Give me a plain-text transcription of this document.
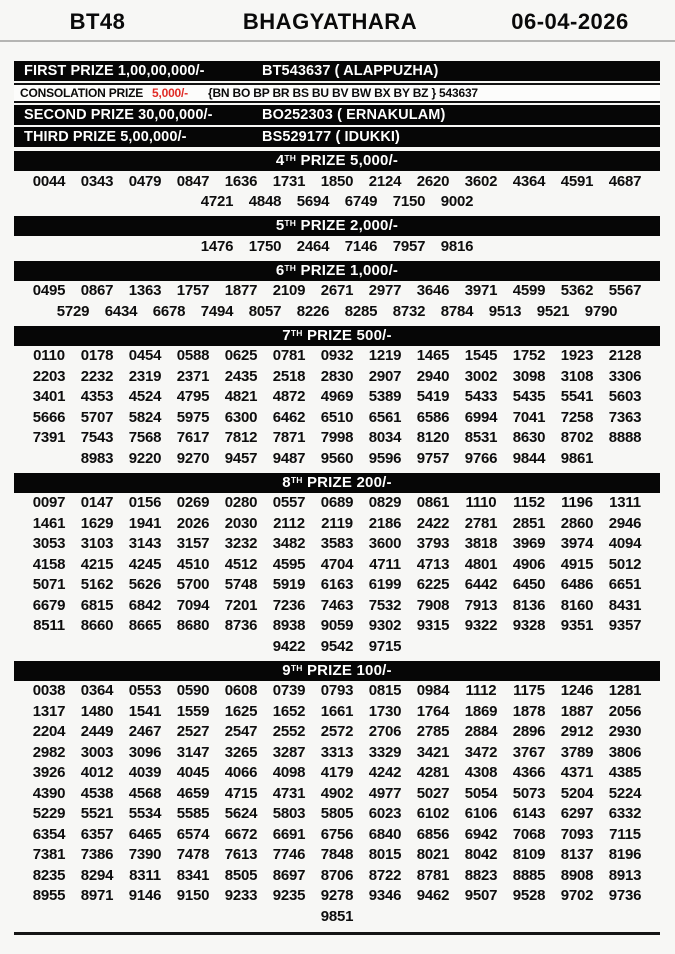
BT48	BHAGYATHARA	06-04-2026
FIRST PRIZE 1,00,00,000/-	BT543637 ( ALAPPUZHA)
CONSOLATION PRIZE 5,000/-	{BN BO BP BR BS BU BV BW BX BY BZ } 543637
SECOND PRIZE 30,00,000/-	BO252303 ( ERNAKULAM)
THIRD PRIZE 5,00,000/-	BS529177 ( IDUKKI)
4 TH PRIZE 5,000/-
0044 0343 0479 0847 1636 1731 1850 2124 2620 3602 4364 4591 4687
4721 4848 5694 6749 7150 9002
5 TH PRIZE 2,000/-
1476 1750 2464 7146 7957 9816
6 TH PRIZE 1,000/-
0495 0867 1363 1757 1877 2109 2671 2977 3646 3971 4599 5362 5567
5729 6434 6678 7494 8057 8226 8285 8732 8784 9513 9521 9790
7 TH PRIZE 500/-
0110 0178 0454 0588 0625 0781 0932 1219 1465 1545 1752 1923 2128
2203 2232 2319 2371 2435 2518 2830 2907 2940 3002 3098 3108 3306
3401 4353 4524 4795 4821 4872 4969 5389 5419 5433 5435 5541 5603
5666 5707 5824 5975 6300 6462 6510 6561 6586 6994 7041 7258 7363
7391 7543 7568 7617 7812 7871 7998 8034 8120 8531 8630 8702 8888
8983 9220 9270 9457 9487 9560 9596 9757 9766 9844 9861
8 TH PRIZE 200/-
0097 0147 0156 0269 0280 0557 0689 0829 0861 1110 1152 1196 1311
1461 1629 1941 2026 2030 2112 2119 2186 2422 2781 2851 2860 2946
3053 3103 3143 3157 3232 3482 3583 3600 3793 3818 3969 3974 4094
4158 4215 4245 4510 4512 4595 4704 4711 4713 4801 4906 4915 5012
5071 5162 5626 5700 5748 5919 6163 6199 6225 6442 6450 6486 6651
6679 6815 6842 7094 7201 7236 7463 7532 7908 7913 8136 8160 8431
8511 8660 8665 8680 8736 8938 9059 9302 9315 9322 9328 9351 9357
9422 9542 9715
9 TH PRIZE 100/-
0038 0364 0553 0590 0608 0739 0793 0815 0984 1112 1175 1246 1281
1317 1480 1541 1559 1625 1652 1661 1730 1764 1869 1878 1887 2056
2204 2449 2467 2527 2547 2552 2572 2706 2785 2884 2896 2912 2930
2982 3003 3096 3147 3265 3287 3313 3329 3421 3472 3767 3789 3806
3926 4012 4039 4045 4066 4098 4179 4242 4281 4308 4366 4371 4385
4390 4538 4568 4659 4715 4731 4902 4977 5027 5054 5073 5204 5224
5229 5521 5534 5585 5624 5803 5805 6023 6102 6106 6143 6297 6332
6354 6357 6465 6574 6672 6691 6756 6840 6856 6942 7068 7093 7115
7381 7386 7390 7478 7613 7746 7848 8015 8021 8042 8109 8137 8196
8235 8294 8311 8341 8505 8697 8706 8722 8781 8823 8885 8908 8913
8955 8971 9146 9150 9233 9235 9278 9346 9462 9507 9528 9702 9736
9851
